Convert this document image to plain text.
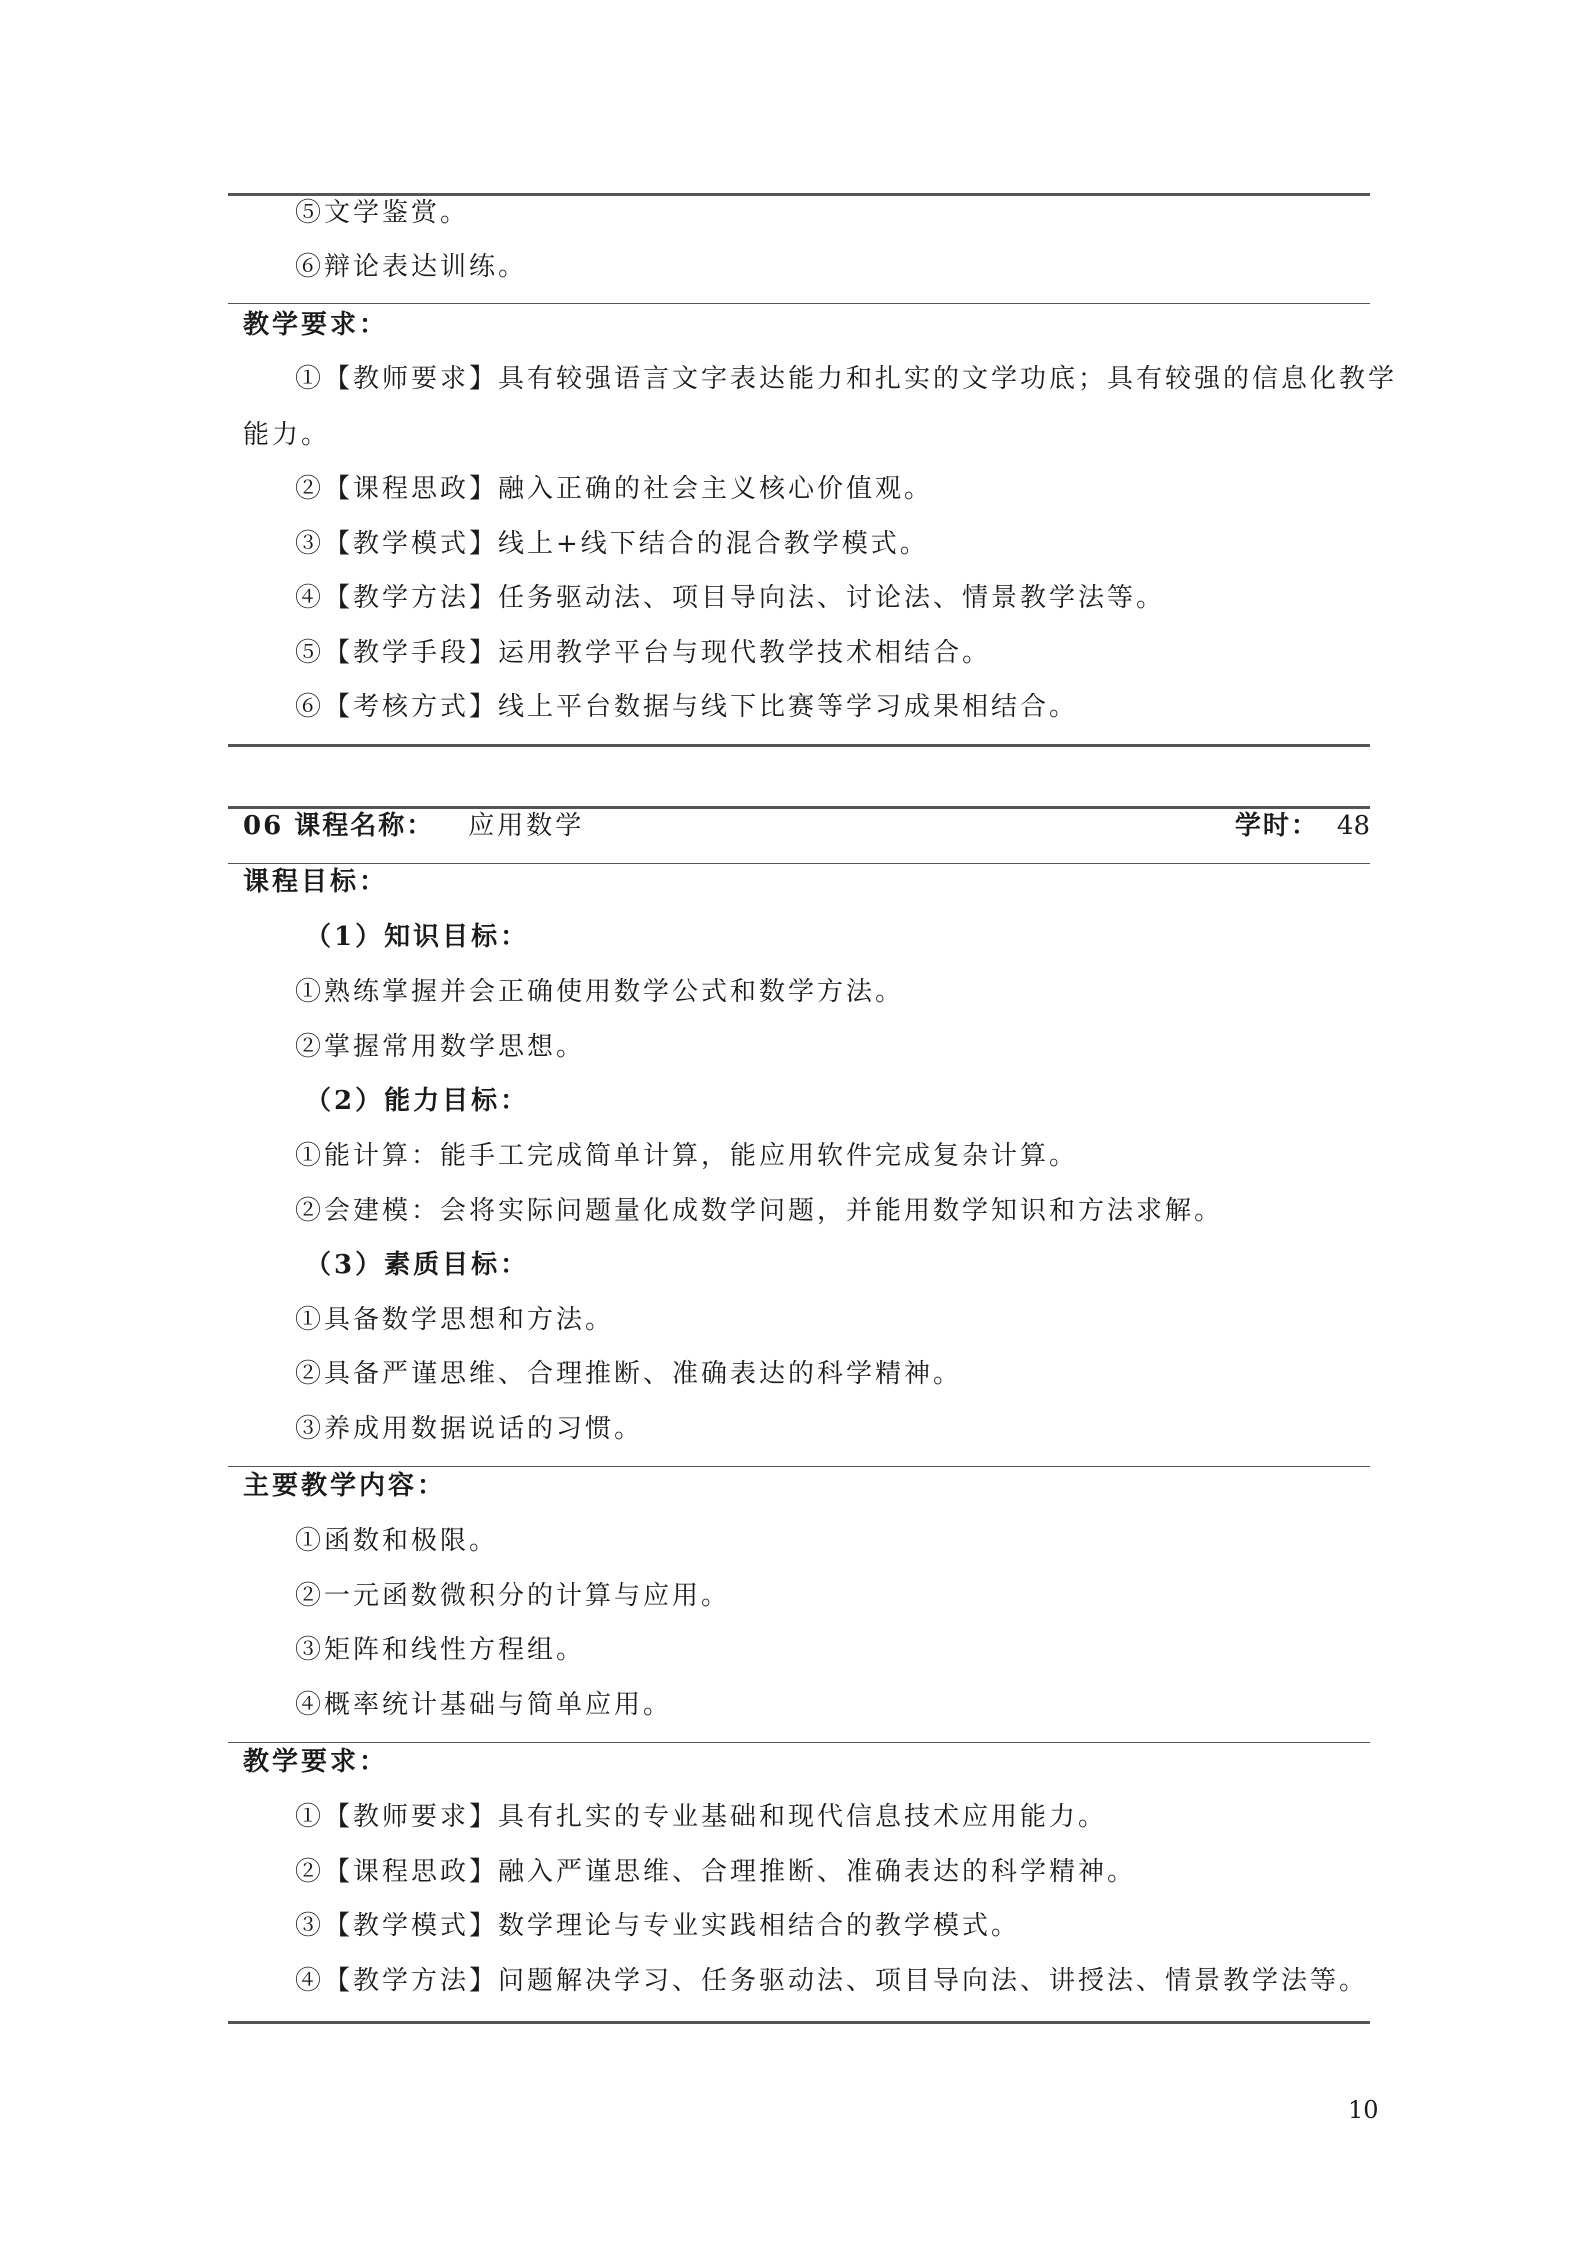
⑤文学鉴赏。
⑥辩论表达训练。
教学要求：
①【教师要求】具有较强语言文字表达能力和扎实的文学功底；具有较强的信息化教学
能力。
②【课程思政】融入正确的社会主义核心价值观。
③【教学模式】线上+线下结合的混合教学模式。
④【教学方法】任务驱动法、项目导向法、讨论法、情景教学法等。
⑤【教学手段】运用教学平台与现代教学技术相结合。
⑥【考核方式】线上平台数据与线下比赛等学习成果相结合。
06 课程名称： 应用数学	学时： 48
课程目标：
（1）知识目标：
①熟练掌握并会正确使用数学公式和数学方法。
②掌握常用数学思想。
（2）能力目标：
①能计算：能手工完成简单计算，能应用软件完成复杂计算。
②会建模：会将实际问题量化成数学问题，并能用数学知识和方法求解。
（3）素质目标：
①具备数学思想和方法。
②具备严谨思维、合理推断、准确表达的科学精神。
③养成用数据说话的习惯。
主要教学内容：
①函数和极限。
②一元函数微积分的计算与应用。
③矩阵和线性方程组。
④概率统计基础与简单应用。
教学要求：
①【教师要求】具有扎实的专业基础和现代信息技术应用能力。
②【课程思政】融入严谨思维、合理推断、准确表达的科学精神。
③【教学模式】数学理论与专业实践相结合的教学模式。
④【教学方法】问题解决学习、任务驱动法、项目导向法、讲授法、情景教学法等。
10
